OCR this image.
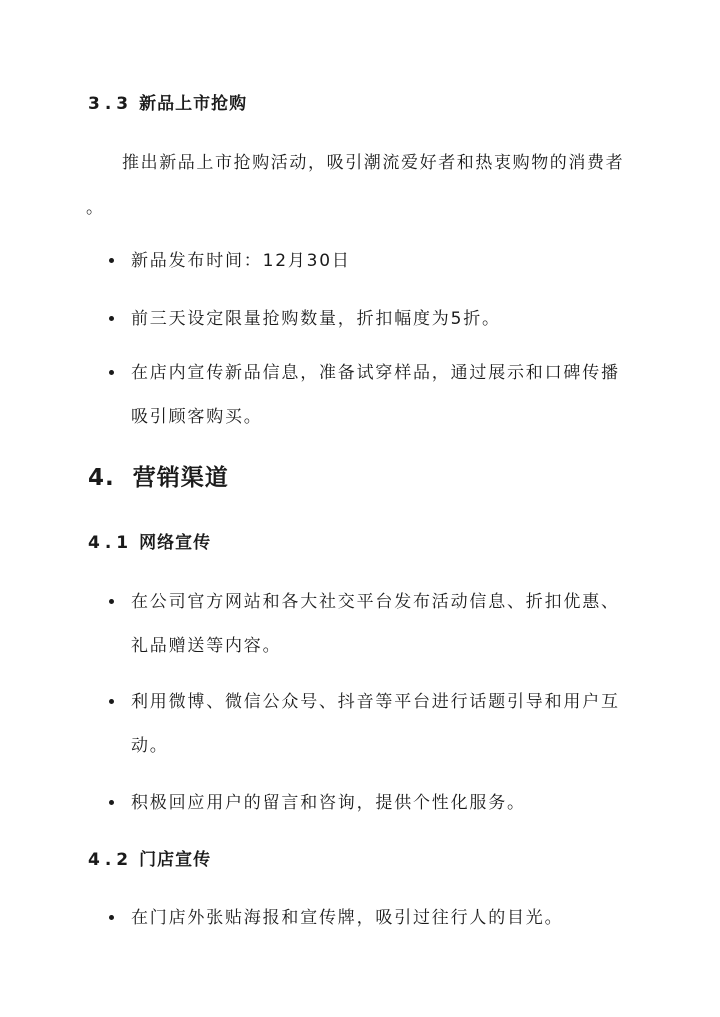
3.3 新品上市抢购
推出新品上市抢购活动，吸引潮流爱好者和热衷购物的消费者
。
新品发布时间：12月30日
前三天设定限量抢购数量，折扣幅度为5折。
在店内宣传新品信息，准备试穿样品，通过展示和口碑传播
吸引顾客购买。
4. 营销渠道
4.1 网络宣传
在公司官方网站和各大社交平台发布活动信息、折扣优惠、
礼品赠送等内容。
利用微博、微信公众号、抖音等平台进行话题引导和用户互
动。
积极回应用户的留言和咨询，提供个性化服务。
4.2 门店宣传
在门店外张贴海报和宣传牌，吸引过往行人的目光。
